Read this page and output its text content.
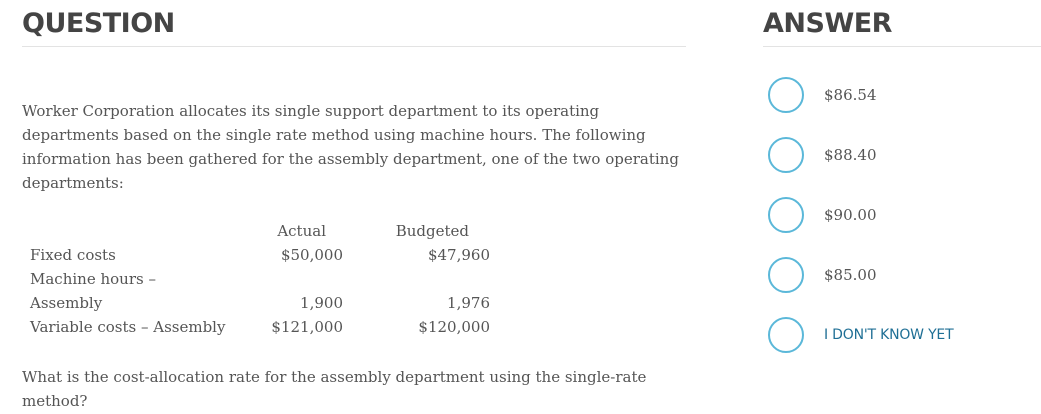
QUESTION
Worker Corporation allocates its single support department to its operating departments based on the single rate method using machine hours. The following information has been gathered for the assembly department, one of the two operating departments:
	Actual	Budgeted
Fixed costs	$50,000	$47,960
Machine hours –		
Assembly	1,900	1,976
Variable costs – Assembly	$121,000	$120,000
What is the cost-allocation rate for the assembly department using the single-rate method?
ANSWER
$86.54
$88.40
$90.00
$85.00
I DON'T KNOW YET
